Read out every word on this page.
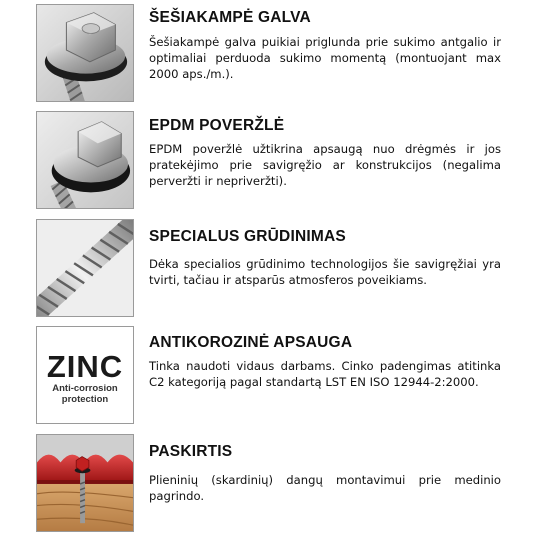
ŠEŠIAKAMPĖ GALVA
Šešiakampė galva puikiai priglunda prie sukimo antgalio ir optimaliai perduoda sukimo momentą (montuojant max 2000 aps./m.).
EPDM POVERŽLĖ
EPDM poveržlė užtikrina apsaugą nuo drėgmės ir jos pratekėjimo prie savigręžio ar konstrukcijos (negalima perveržti ir nepriveržti).
SPECIALUS GRŪDINIMAS
Dėka specialios grūdinimo technologijos šie savigręžiai yra tvirti, tačiau ir atsparūs atmosferos poveikiams.
ZINC
Anti-corrosion
protection
ANTIKOROZINĖ APSAUGA
Tinka naudoti vidaus darbams. Cinko padengimas atitinka C2 kategoriją pagal standartą LST EN ISO 12944-2:2000.
PASKIRTIS
Plieninių (skardinių) dangų montavimui prie medinio pagrindo.
